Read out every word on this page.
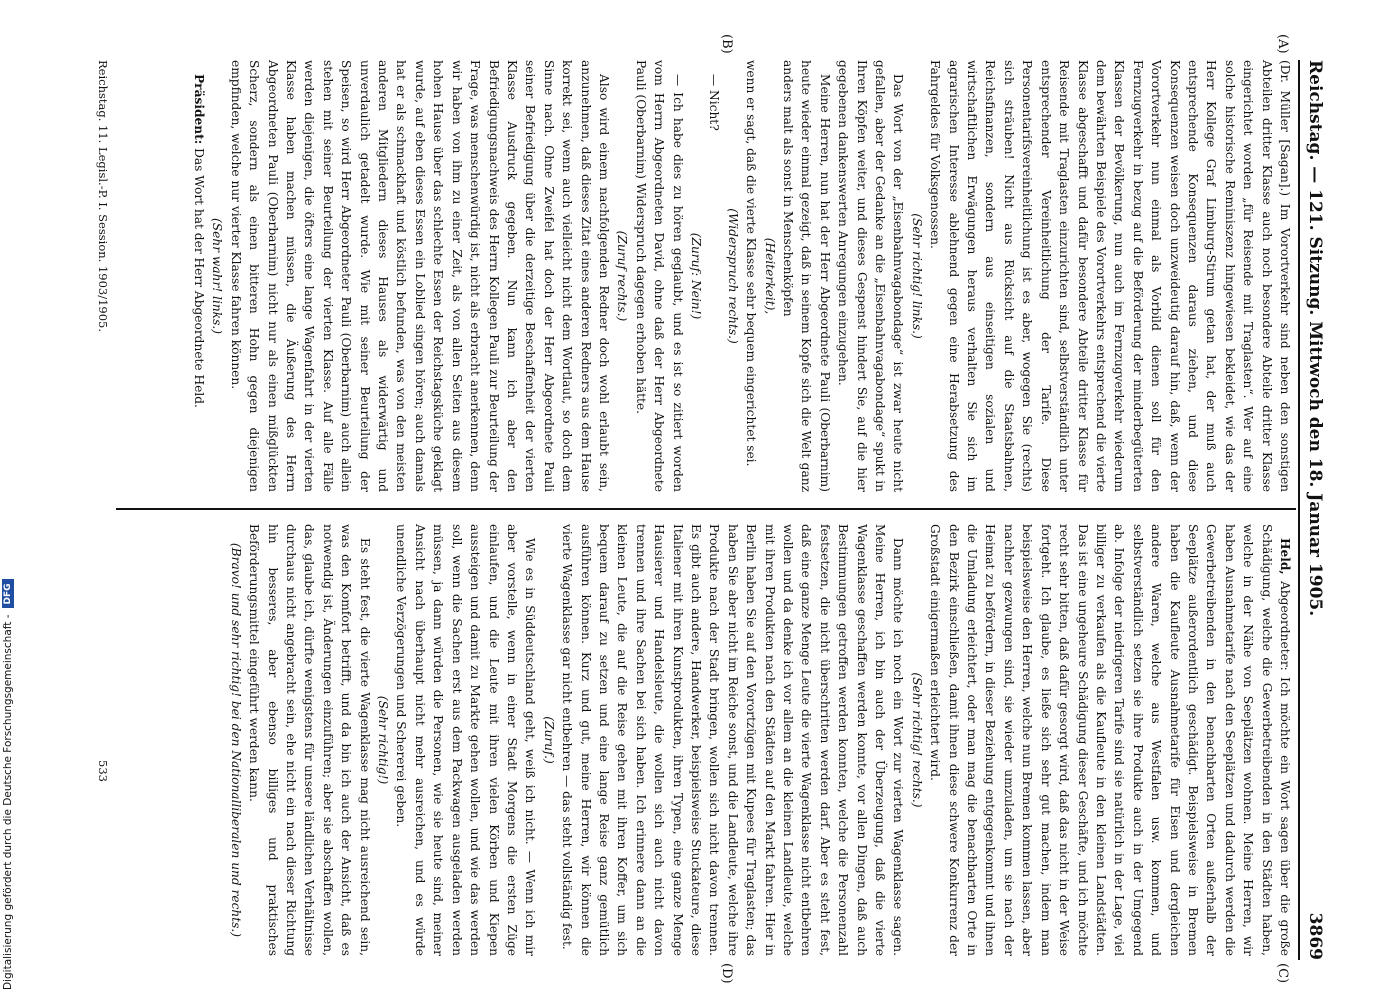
Reichstag. — 121. Sitzung. Mittwoch den 18. Januar 1905.
3869
(A)
(B)
(C)
(D)

(Dr. Müller [Sagan].) Im Vorortverkehr sind neben den sonstigen Abteilen dritter Klasse auch noch besondere Abteile dritter Klasse eingerichtet worden „für Reisende mit Traglasten“. Wer auf eine solche historische Reminiszenz hingewiesen bekleidet, wie das der Herr Kollege Graf Limburg-Stirum getan hat, der muß auch entsprechende Konsequenzen daraus ziehen, und diese Konsequenzen weisen doch unzweideutig darauf hin, daß, wenn der Vorortverkehr nun einmal als Vorbild dienen soll für den Fernzugverkehr in bezug auf die Beförderung der minderbegüterten Klassen der Bevölkerung, nun auch im Fernzugverkehr wiederum dem bewährten Beispiele des Vorortverkehrs entsprechend die vierte Klasse abgeschafft und dafür besondere Abteile dritter Klasse für Reisende mit Traglasten einzurichten sind, selbstverständlich unter entsprechender Vereinheitlichung der Tarife. Diese Personentarifsvereinheitlichung ist es aber, wogegen Sie (rechts) sich sträuben! Nicht aus Rücksicht auf die Staatsbahnen, Reichsfinanzen, sondern aus einseitigen sozialen und wirtschaftlichen Erwägungen heraus verhalten Sie sich im agrarischen Interesse ablehnend gegen eine Herabsetzung des Fahrgeldes für Volksgenossen.

(Sehr richtig! links.)

Das Wort von der „Eisenbahnvagabondage“ ist zwar heute nicht gefallen, aber der Gedanke an die „Eisenbahnvagabondage“ spukt in Ihren Köpfen weiter, und dieses Gespenst hindert Sie, auf die hier gegebenen dankenswerten Anregungen einzugehen.

Meine Herren, nun hat der Herr Abgeordnete Pauli (Oberbarnim) heute wieder einmal gezeigt, daß in seinem Kopfe sich die Welt ganz anders malt als sonst in Menschenköpfen

(Heiterkeit),

wenn er sagt, daß die vierte Klasse sehr bequem eingerichtet sei.

(Widerspruch rechts.)

— Nicht?

(Zuruf: Nein!)

— Ich habe dies zu hören geglaubt, und es ist so zitiert worden vom Herrn Abgeordneten David, ohne daß der Herr Abgeordnete Pauli (Oberbarnim) Widerspruch dagegen erhoben hätte.

(Zuruf rechts.)

Also wird einem nachfolgenden Redner doch wohl erlaubt sein, anzunehmen, daß dieses Zitat eines anderen Redners aus dem Hause korrekt sei, wenn auch vielleicht nicht dem Wortlaut, so doch dem Sinne nach. Ohne Zweifel hat doch der Herr Abgeordnete Pauli seiner Befriedigung über die derzeitige Beschaffenheit der vierten Klasse Ausdruck gegeben. Nun kann ich aber den Befriedigungsnachweis des Herrn Kollegen Pauli zur Beurteilung der Frage, was menschenwürdig ist, nicht als erbracht anerkennen, denn wir haben von ihm zu einer Zeit, als von allen Seiten aus diesem hohen Hause über das schlechte Essen der Reichstagsküche geklagt wurde, auf eben dieses Essen ein Loblied singen hören; auch damals hat er als schmackhaft und köstlich befunden, was von den meisten anderen Mitgliedern dieses Hauses als widerwärtig und unverdaulich getadelt wurde. Wie mit seiner Beurteilung der Speisen, so wird Herr Abgeordneter Pauli (Oberbarnim) auch allein stehen mit seiner Beurteilung der vierten Klasse. Auf alle Fälle werden diejenigen, die öfters eine lange Wagenfahrt in der vierten Klasse haben machen müssen, die Äußerung des Herrn Abgeordneten Pauli (Oberbarnim) nicht nur als einen mißglückten Scherz, sondern als einen bitteren Hohn gegen diejenigen empfinden, welche nur vierter Klasse fahren können.

(Sehr wahr! links.)

Präsident: Das Wort hat der Herr Abgeordnete Held.

Held, Abgeordneter: Ich möchte ein Wort sagen über die große Schädigung, welche die Gewerbetreibenden in den Städten haben, welche in der Nähe von Seeplätzen wohnen. Meine Herren, wir haben Ausnahmetarife nach den Seeplätzen und dadurch werden die Gewerbetreibenden in den benachbarten Orten außerhalb der Seeplätze außerordentlich geschädigt. Beispielsweise in Bremen haben die Kaufleute Ausnahmetarife für Eisen und dergleichen andere Waren, welche aus Westfalen usw. kommen, und selbstverständlich setzen sie ihre Produkte auch in der Umgegend ab. Infolge der niedrigeren Tarife sind sie natürlich in der Lage, viel billiger zu verkaufen als die Kaufleute in den kleinen Landstädten. Das ist eine ungeheure Schädigung dieser Geschäfte, und ich möchte recht sehr bitten, daß dafür gesorgt wird, daß das nicht in der Weise fortgeht. Ich glaube, es ließe sich sehr gut machen, indem man beispielsweise den Herren, welche nun Bremen kommen lassen, aber nachher gezwungen sind, sie wieder umzuladen, um sie nach der Heimat zu befördern, in dieser Beziehung entgegenkommt und ihnen die Umladung erleichtert, oder man mag die benachbarten Orte in den Bezirk einschließen, damit ihnen diese schwere Konkurrenz der Großstadt einigermaßen erleichtert wird.

(Sehr richtig! rechts.)

Dann möchte ich noch ein Wort zur vierten Wagenklasse sagen. Meine Herren, ich bin auch der Überzeugung, daß die vierte Wagenklasse geschaffen werden konnte, vor allen Dingen, daß auch Bestimmungen getroffen werden konnten, welche die Personenzahl festsetzen, die nicht überschritten werden darf. Aber es steht fest, daß eine ganze Menge Leute die vierte Wagenklasse nicht entbehren wollen und da denke ich vor allem an die kleinen Landleute, welche mit ihren Produkten nach den Städten auf den Markt fahren. Hier in Berlin haben Sie auf den Vorortzügen mit Kupees für Traglasten; das haben Sie aber nicht im Reiche sonst, und die Landleute, welche ihre Produkte nach der Stadt bringen, wollen sich nicht davon trennen. Es gibt auch andere, Handwerker, beispielsweise Stuckateure, diese Italiener mit ihren Kunstprodukten, ihren Typen, eine ganze Menge Hausierer und Handelsleute, die wollen sich auch nicht davon trennen und ihre Sachen bei sich haben. Ich erinnere dann an die kleinen Leute, die auf die Reise gehen mit ihren Koffer, um sich bequem darauf zu setzen und eine lange Reise ganz gemütlich ausführen können. Kurz und gut, meine Herren, wir können die vierte Wagenklasse gar nicht entbehren — das steht vollständig fest.

(Zuruf.)

Wie es in Süddeutschland geht, weiß ich nicht. — Wenn ich mir aber vorstelle, wenn in einer Stadt Morgens die ersten Züge einlaufen, und die Leute mit ihren vielen Körben und Kiepen aussteigen und damit zu Markte gehen wollen, und wie das werden soll, wenn die Sachen erst aus dem Packwagen ausgeladen werden müssen, ja dann würden die Personen, wie sie heute sind, meiner Ansicht nach überhaupt nicht mehr ausreichen, und es würde unendliche Verzögerungen und Schererei geben.

(Sehr richtig!)

Es steht fest, die vierte Wagenklasse mag nicht ausreichend sein, was den Komfort betrifft, und da bin ich auch der Ansicht, daß es notwendig ist, Änderungen einzuführen; aber sie abschaffen wollen, das, glaube ich, dürfte wenigstens für unsere ländlichen Verhältnisse durchaus nicht angebracht sein, ehe nicht ein nach dieser Richtung hin besseres, aber ebenso billiges und praktisches Beförderungsmittel eingeführt werden kann.

(Bravo! und sehr richtig! bei den Nationalliberalen und rechts.)
Reichstag. 11. Legisl.-P. I. Session. 1903/1905.
533
Digitalisierung gefördert durch die Deutsche Forschungsgemeinschaft -
DFG
